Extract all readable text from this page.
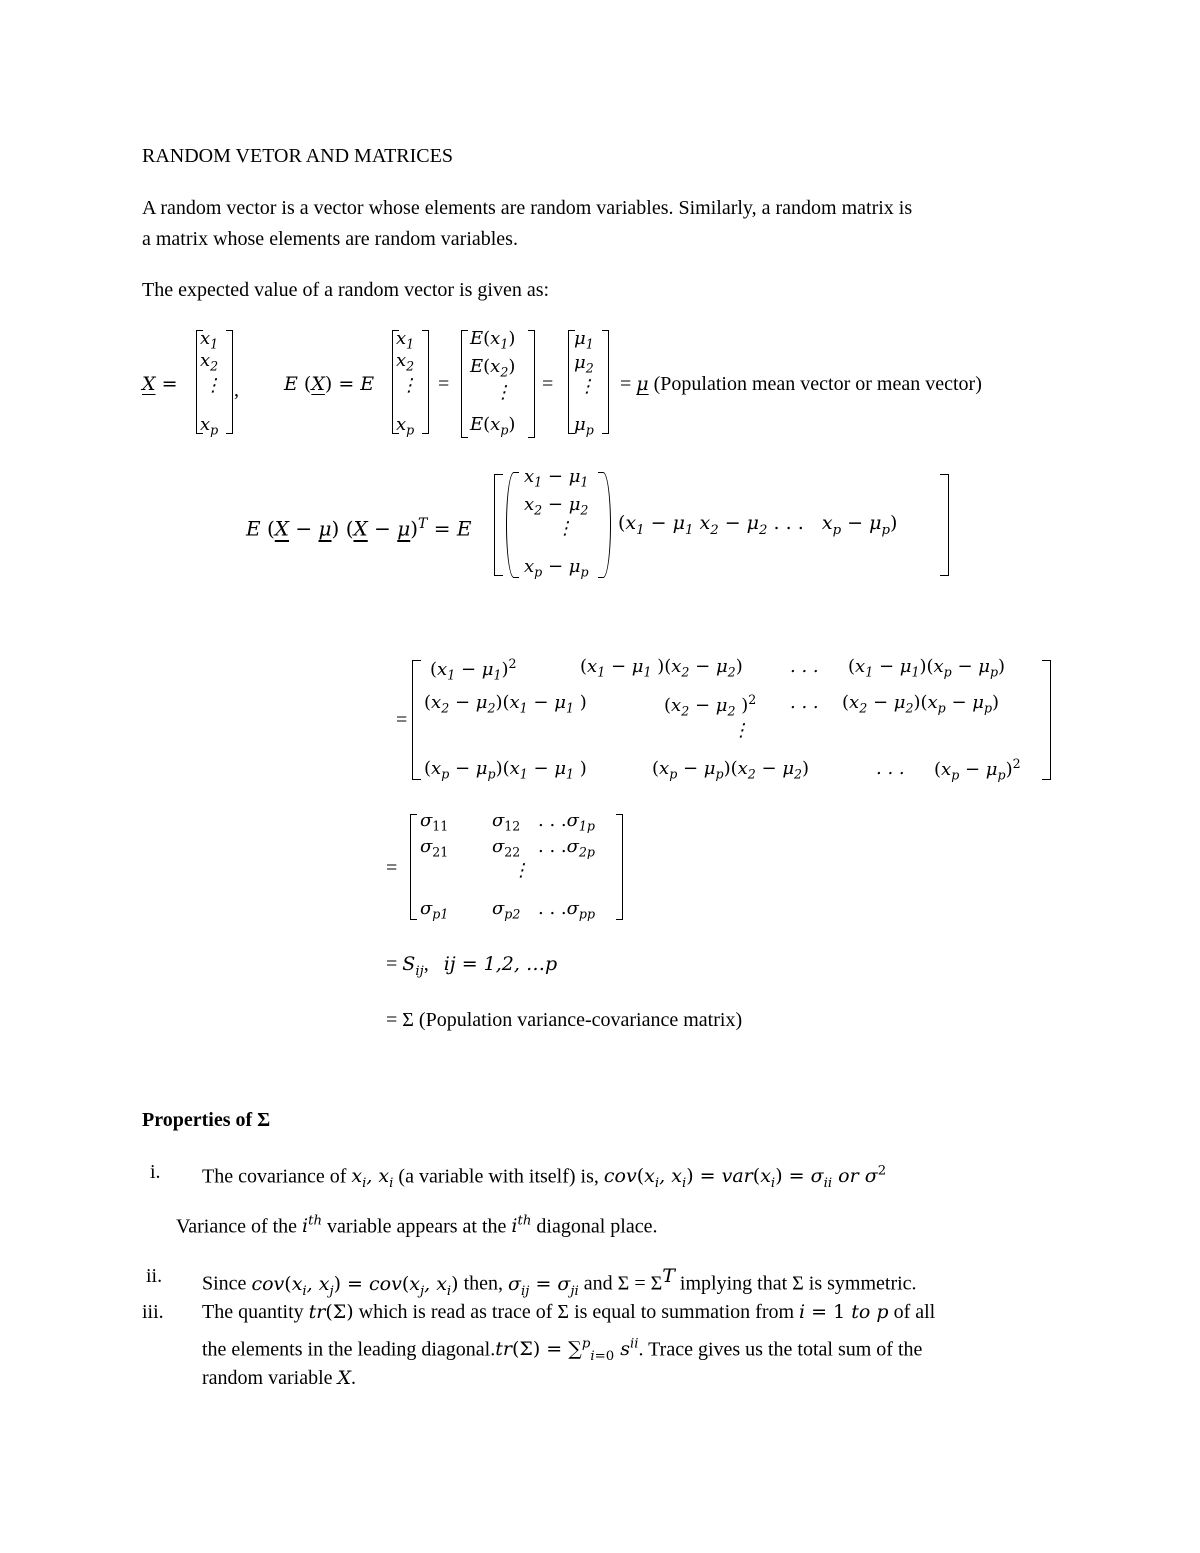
RANDOM VETOR AND MATRICES
A random vector is a vector whose elements are random variables. Similarly, a random matrix is
a matrix whose elements are random variables.
The expected value of a random vector is given as:
X =
$x_1$
$x_2$
⋮
$x_p$
, E (X) = E
$x_1$
$x_2$
⋮
$x_p$
=
$E(x_1)$
$E(x_2)$
⋮
$E(x_p)$
=
$\mu_1$
$\mu_2$
⋮
$\mu_p$
= μ (Population mean vector or mean vector)
E (X − μ) $(X - \mu)^T = E$
$x_1 - \mu_1$
$x_2 - \mu_2$
⋮
$x_p - \mu_p$
($x_1 - \mu_1$ $x_2 - \mu_2$ . . .   $x_p - \mu_p$)
=
$(x_1 - \mu_1)^2$	($x_1 - \mu_1$ )$(x_2 - \mu_2)$	. . . $(x_1 - \mu_1)(x_p - \mu_p)$
$(x_2 - \mu_2)(x_1 - \mu_1$ )	($x_2 - \mu_2$ )$^2$ . . . $(x_2 - \mu_2)(x_p - \mu_p)$
⋮
$(x_p - \mu_p)(x_1 - \mu_1$ )	$(x_p - \mu_p)(x_2 - \mu_2)$	. . . $(x_p - \mu_p)^2$
=
$\sigma_{11}$ $\sigma_{12}$ . . $.\sigma_{1p}$
$\sigma_{21}$ $\sigma_{22}$ . . $.\sigma_{2p}$
⋮
$\sigma_{p1}$ $\sigma_{p2}$ . . $.\sigma_{pp}$
= $S_{ij}$,   ij = 1,2, …p
= Σ (Population variance-covariance matrix)
Properties of Σ
i. The covariance of $x_i$, $x_i$ (a variable with itself) is, $cov(x_i$, $x_i) = var(x_i) = \sigma_{ii}$ or $\sigma^2$
Variance of the $i^{th}$ variable appears at the $i^{th}$ diagonal place.
ii. Since $cov(x_i$, $x_j) = cov(x_j$, $x_i$) then, $\sigma_{ij} = \sigma_{ji}$ and $\Sigma = \Sigma^T$ implying that Σ is symmetric.
iii. The quantity tr(Σ) which is read as trace of Σ is equal to summation from i = 1 to p of all
the elements in the leading diagonal.tr(Σ) = ∑$^p_{i=0}$ $s^{ii}$. Trace gives us the total sum of the
random variable X.
